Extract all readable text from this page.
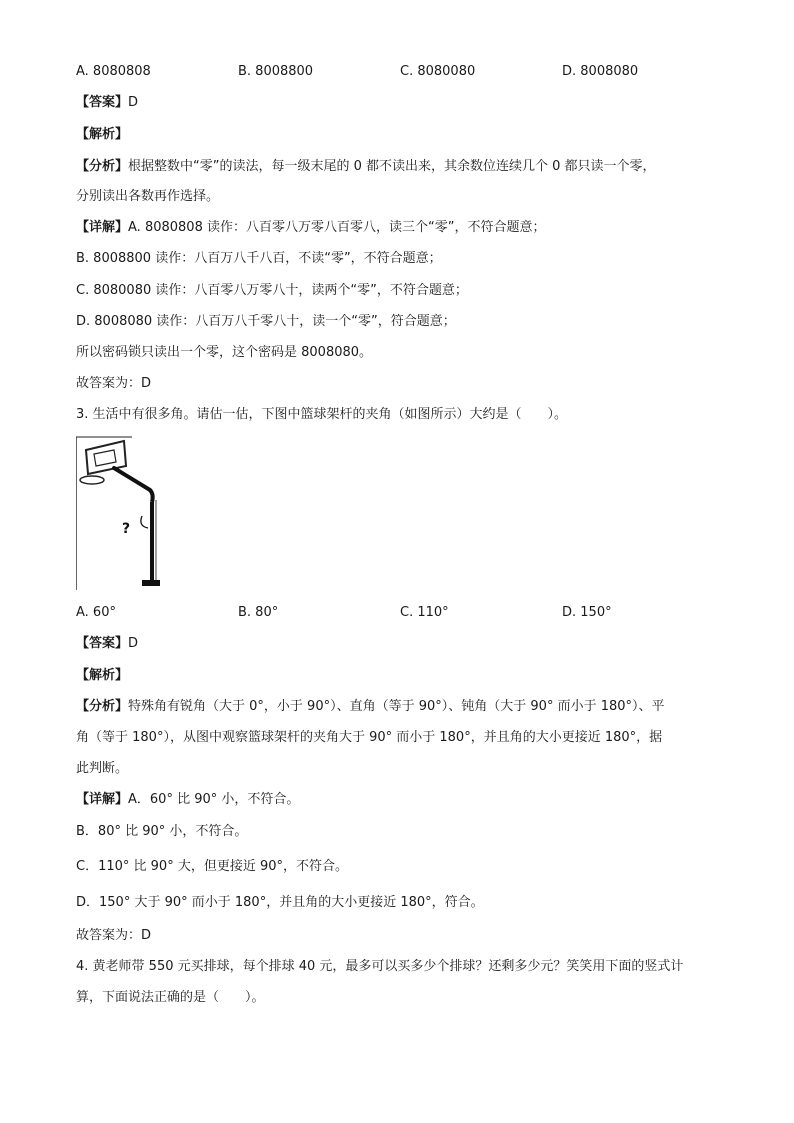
A. 8080808	B. 8008800	C. 8080080	D. 8008080
【答案】D
【解析】
【分析】根据整数中“零”的读法，每一级末尾的 0 都不读出来，其余数位连续几个 0 都只读一个零，
分别读出各数再作选择。
【详解】A. 8080808 读作：八百零八万零八百零八，读三个“零”，不符合题意；
B. 8008800 读作：八百万八千八百，不读“零”，不符合题意；
C. 8080080 读作：八百零八万零八十，读两个“零”，不符合题意；
D. 8008080 读作：八百万八千零八十，读一个“零”，符合题意；
所以密码锁只读出一个零，这个密码是 8008080。
故答案为：D
3. 生活中有很多角。请估一估，下图中篮球架杆的夹角（如图所示）大约是（　　）。
?
A. 60°	B. 80°	C. 110°	D. 150°
【答案】D
【解析】
【分析】特殊角有锐角（大于 0°，小于 90°）、直角（等于 90°）、钝角（大于 90° 而小于 180°）、平
角（等于 180°），从图中观察篮球架杆的夹角大于 90° 而小于 180°，并且角的大小更接近 180°，据
此判断。
【详解】A．60° 比 90° 小，不符合。
B．80° 比 90° 小，不符合。
C．110° 比 90° 大，但更接近 90°，不符合。
D．150° 大于 90° 而小于 180°，并且角的大小更接近 180°，符合。
故答案为：D
4. 黄老师带 550 元买排球，每个排球 40 元，最多可以买多少个排球？还剩多少元？笑笑用下面的竖式计
算，下面说法正确的是（　　）。
